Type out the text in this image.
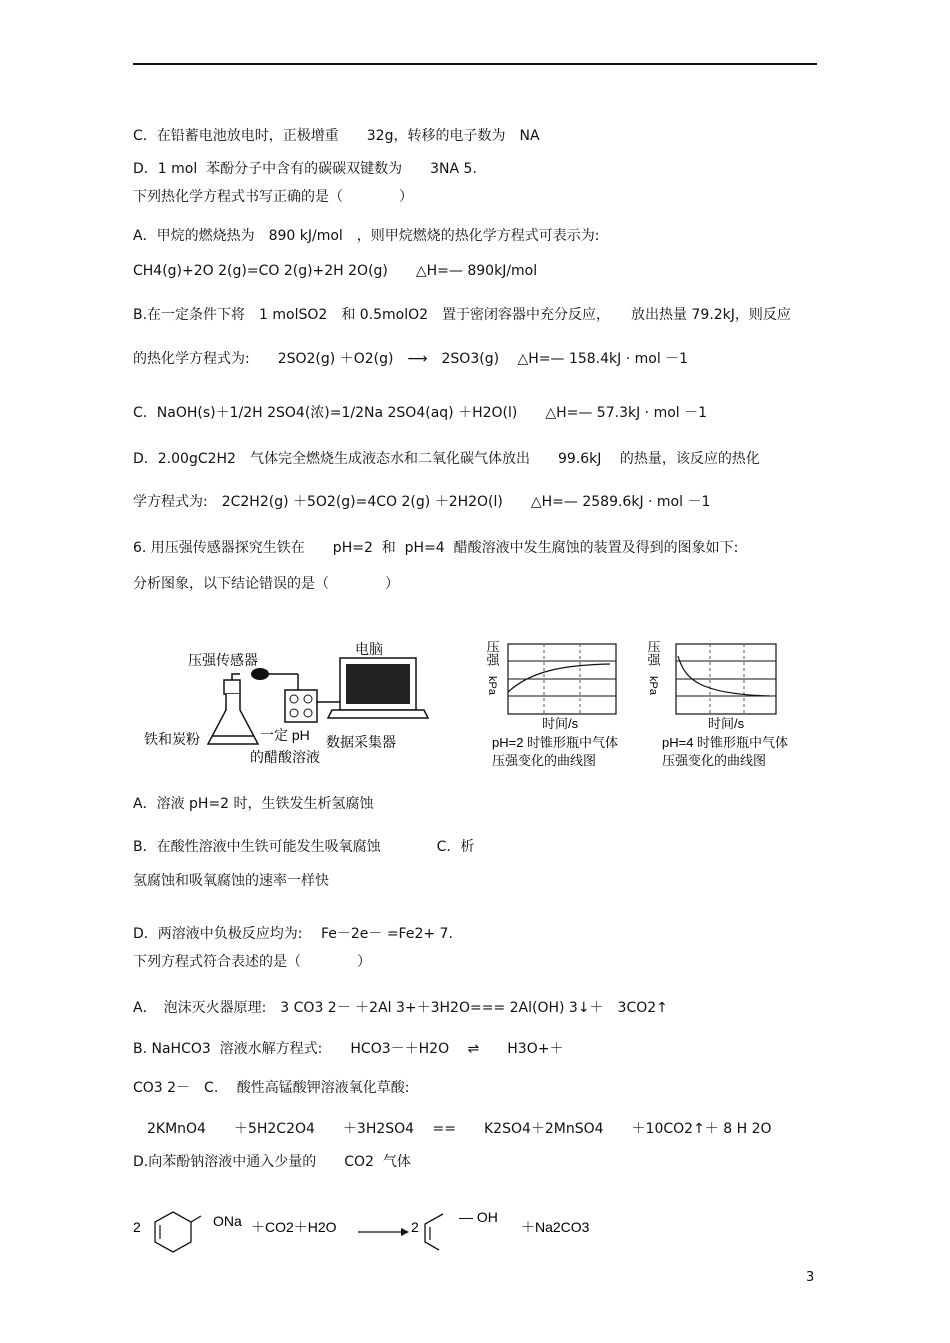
C．在铅蓄电池放电时，正极增重　　32g，转移的电子数为　NA
D．1 mol  苯酚分子中含有的碳碳双键数为　　3NA 5.
下列热化学方程式书写正确的是（　　　　）
A．甲烷的燃烧热为　890 kJ/mol　，则甲烷燃烧的热化学方程式可表示为:
CH4(g)+2O 2(g)=CO 2(g)+2H 2O(g)　　△H=— 890kJ/mol
B.在一定条件下将　1 molSO2　和 0.5molO2　置于密闭容器中充分反应，　　放出热量 79.2kJ，则反应
的热化学方程式为:　　2SO2(g) ＋O2(g)　⟶　2SO3(g)　 △H=— 158.4kJ · mol －1
C．NaOH(s)＋1/2H 2SO4(浓)=1/2Na 2SO4(aq) ＋H2O(l)　　△H=— 57.3kJ · mol －1
D．2.00gC2H2　气体完全燃烧生成液态水和二氧化碳气体放出　　99.6kJ　 的热量，该反应的热化
学方程式为:　2C2H2(g) ＋5O2(g)=4CO 2(g) ＋2H2O(l)　　△H=— 2589.6kJ · mol －1
6. 用压强传感器探究生铁在　　pH=2  和  pH=4  醋酸溶液中发生腐蚀的装置及得到的图象如下:
分析图象，以下结论错误的是（　　　　）
压强传感器
铁和炭粉	一定 pH
的醋酸溶液
数据采集器
电脑	压强
kPa
时间/s
pH=2 时锥形瓶中气体
压强变化的曲线图
压强
kPa
时间/s
pH=4 时锥形瓶中气体
压强变化的曲线图
A．溶液 pH=2 时，生铁发生析氢腐蚀
B．在酸性溶液中生铁可能发生吸氧腐蚀　　　　C．析
氢腐蚀和吸氧腐蚀的速率一样快
D．两溶液中负极反应均为:　 Fe－2e－ =Fe2+ 7.
下列方程式符合表述的是（　　　　）
A．　泡沫灭火器原理:　3 CO3 2－ ＋2Al 3+＋3H2O=== 2Al(OH) 3↓＋　3CO2↑
B. NaHCO3  溶液水解方程式:　　HCO3－＋H2O　 ⇌　　H3O+＋
CO3 2－　C.　 酸性高锰酸钾溶液氧化草酸:
　2KMnO4　　＋5H2C2O4　　＋3H2SO4　 ==　　K2SO4＋2MnSO4　　＋10CO2↑＋ 8 H 2O
D.向苯酚钠溶液中通入少量的　　CO2  气体
2	ONa ＋CO2＋H2O	2
— OH
＋Na2CO3
3
